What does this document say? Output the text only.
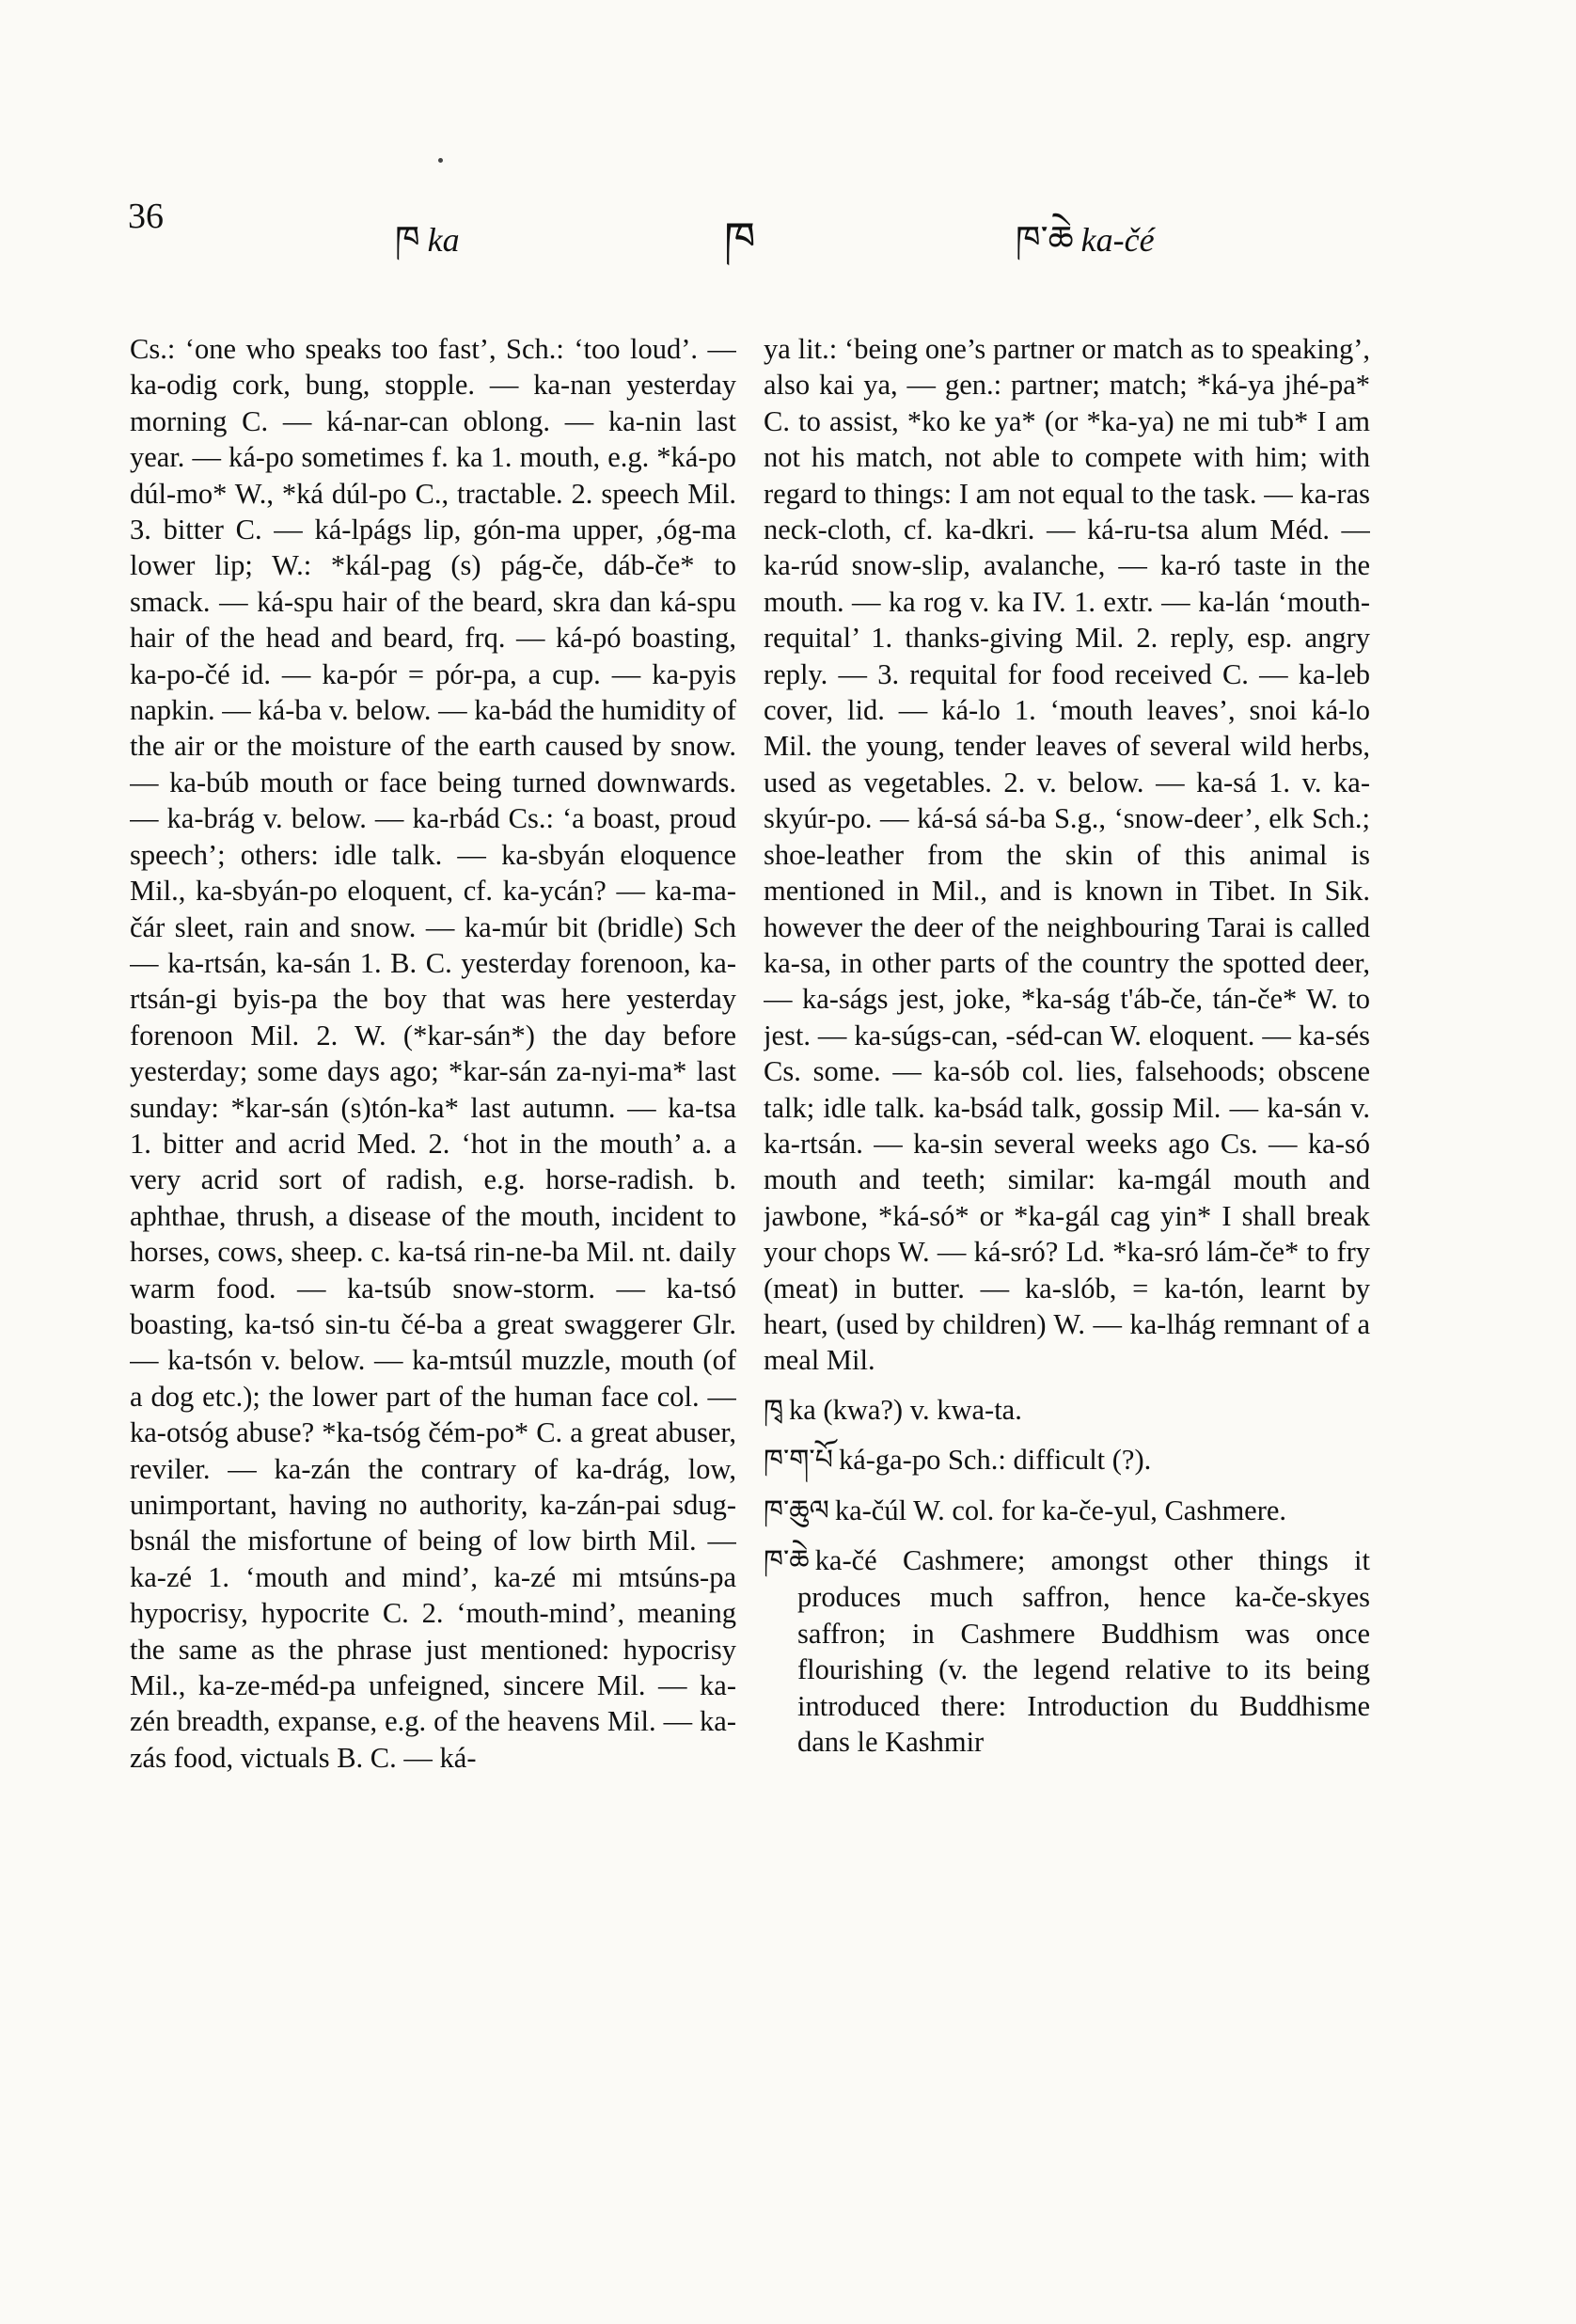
36
ཁ ka	ཁ	ཁ་ཆེ ka-čé

Cs.: ‘one who speaks too fast’, Sch.: ‘too loud’. — ka-odig cork, bung, stopple. — ka-nan yesterday morning C. — ká-nar-can oblong. — ka-nin last year. — ká-po sometimes f. ka 1. mouth, e.g. *ká-po dúl-mo* W., *ká dúl-po C., tractable. 2. speech Mil. 3. bitter C. — ká-lpágs lip, gón-ma upper, ,óg-ma lower lip; W.: *kál-pag (s) pág-če, dáb-če* to smack. — ká-spu hair of the beard, skra dan ká-spu hair of the head and beard, frq. — ká-pó boasting, ka-po-čé id. — ka-pór = pór-pa, a cup. — ka-pyis napkin. — ká-ba v. below. — ka-bád the humidity of the air or the moisture of the earth caused by snow. — ka-búb mouth or face being turned downwards. — ka-brág v. below. — ka-rbád Cs.: ‘a boast, proud speech’; others: idle talk. — ka-sbyán eloquence Mil., ka-sbyán-po eloquent, cf. ka-ycán? — ka-ma-čár sleet, rain and snow. — ka-múr bit (bridle) Sch — ka-rtsán, ka-sán 1. B. C. yesterday forenoon, ka-rtsán-gi byis-pa the boy that was here yesterday forenoon Mil. 2. W. (*kar-sán*) the day before yesterday; some days ago; *kar-sán za-nyi-ma* last sunday: *kar-sán (s)tón-ka* last autumn. — ka-tsa 1. bitter and acrid Med. 2. ‘hot in the mouth’ a. a very acrid sort of radish, e.g. horse-radish. b. aphthae, thrush, a disease of the mouth, incident to horses, cows, sheep. c. ka-tsá rin-ne-ba Mil. nt. daily warm food. — ka-tsúb snow-storm. — ka-tsó boasting, ka-tsó sin-tu čé-ba a great swaggerer Glr. — ka-tsón v. below. — ka-mtsúl muzzle, mouth (of a dog etc.); the lower part of the human face col. — ka-otsóg abuse? *ka-tsóg čém-po* C. a great abuser, reviler. — ka-zán the contrary of ka-drág, low, unimportant, having no authority, ka-zán-pai sdug-bsnál the misfortune of being of low birth Mil. — ka-zé 1. ‘mouth and mind’, ka-zé mi mtsúns-pa hypocrisy, hypocrite C. 2. ‘mouth-mind’, meaning the same as the phrase just mentioned: hypocrisy Mil., ka-ze-méd-pa unfeigned, sincere Mil. — ka-zén breadth, expanse, e.g. of the heavens Mil. — ka-zás food, victuals B. C. — ká-

ya lit.: ‘being one’s partner or match as to speaking’, also kai ya, — gen.: partner; match; *ká-ya jhé-pa* C. to assist, *ko ke ya* (or *ka-ya) ne mi tub* I am not his match, not able to compete with him; with regard to things: I am not equal to the task. — ka-ras neck-cloth, cf. ka-dkri. — ká-ru-tsa alum Méd. — ka-rúd snow-slip, avalanche, — ka-ró taste in the mouth. — ka rog v. ka IV. 1. extr. — ka-lán ‘mouth-requital’ 1. thanks-giving Mil. 2. reply, esp. angry reply. — 3. requital for food received C. — ka-leb cover, lid. — ká-lo 1. ‘mouth leaves’, snoi ká-lo Mil. the young, tender leaves of several wild herbs, used as vegetables. 2. v. below. — ka-sá 1. v. ka-skyúr-po. — ká-sá sá-ba S.g., ‘snow-deer’, elk Sch.; shoe-leather from the skin of this animal is mentioned in Mil., and is known in Tibet. In Sik. however the deer of the neighbouring Tarai is called ka-sa, in other parts of the country the spotted deer, — ka-ságs jest, joke, *ka-ság t'áb-če, tán-če* W. to jest. — ka-súgs-can, -séd-can W. eloquent. — ka-sés Cs. some. — ka-sób col. lies, falsehoods; obscene talk; idle talk. ka-bsád talk, gossip Mil. — ka-sán v. ka-rtsán. — ka-sin several weeks ago Cs. — ka-só mouth and teeth; similar: ka-mgál mouth and jawbone, *ká-só* or *ka-gál cag yin* I shall break your chops W. — ká-sró? Ld. *ka-sró lám-če* to fry (meat) in butter. — ka-slób, = ka-tón, learnt by heart, (used by children) W. — ka-lhág remnant of a meal Mil.

ཁྭ ka (kwa?) v. kwa-ta.

ཁ་ག་པོ ká-ga-po Sch.: difficult (?).

ཁ་ཆུལ ka-čúl W. col. for ka-če-yul, Cashmere.

ཁ་ཆེ ka-čé Cashmere; amongst other things it produces much saffron, hence ka-če-skyes saffron; in Cashmere Buddhism was once flourishing (v. the legend relative to its being introduced there: Introduction du Buddhisme dans le Kashmir
